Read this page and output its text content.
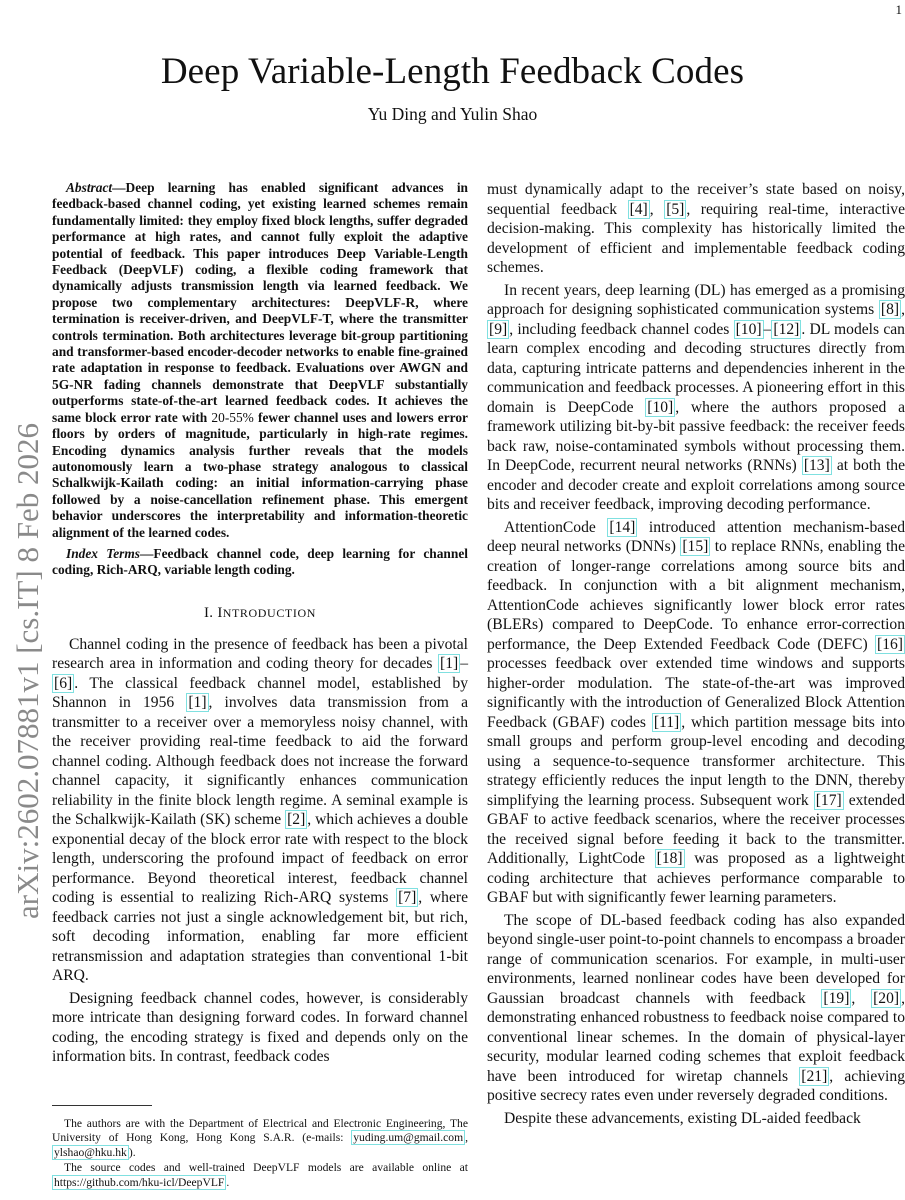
1
arXiv:2602.07881v1 [cs.IT] 8 Feb 2026
Deep Variable-Length Feedback Codes
Yu Ding and Yulin Shao

Abstract—Deep learning has enabled significant advances in feedback-based channel coding, yet existing learned schemes remain fundamentally limited: they employ fixed block lengths, suffer degraded performance at high rates, and cannot fully exploit the adaptive potential of feedback. This paper introduces Deep Variable-Length Feedback (DeepVLF) coding, a flexible coding framework that dynamically adjusts transmission length via learned feedback. We propose two complementary architectures: DeepVLF-R, where termination is receiver-driven, and DeepVLF-T, where the transmitter controls termination. Both architectures leverage bit-group partitioning and transformer-based encoder-decoder networks to enable fine-grained rate adaptation in response to feedback. Evaluations over AWGN and 5G-NR fading channels demonstrate that DeepVLF substantially outperforms state-of-the-art learned feedback codes. It achieves the same block error rate with 20-55% fewer channel uses and lowers error floors by orders of magnitude, particularly in high-rate regimes. Encoding dynamics analysis further reveals that the models autonomously learn a two-phase strategy analogous to classical Schalkwijk-Kailath coding: an initial information-carrying phase followed by a noise-cancellation refinement phase. This emergent behavior underscores the interpretability and information-theoretic alignment of the learned codes.

Index Terms—Feedback channel code, deep learning for channel coding, Rich-ARQ, variable length coding.

I. INTRODUCTION

Channel coding in the presence of feedback has been a pivotal research area in information and coding theory for decades [1] –[6] . The classical feedback channel model, established by Shannon in 1956 [1] , involves data transmission from a transmitter to a receiver over a memoryless noisy channel, with the receiver providing real-time feedback to aid the forward channel coding. Although feedback does not increase the forward channel capacity, it significantly enhances communication reliability in the finite block length regime. A seminal example is the Schalkwijk-Kailath (SK) scheme [2] , which achieves a double exponential decay of the block error rate with respect to the block length, underscoring the profound impact of feedback on error performance. Beyond theoretical interest, feedback channel coding is essential to realizing Rich-ARQ systems [7] , where feedback carries not just a single acknowledgement bit, but rich, soft decoding information, enabling far more efficient retransmission and adaptation strategies than conventional 1-bit ARQ.

Designing feedback channel codes, however, is considerably more intricate than designing forward codes. In forward channel coding, the encoding strategy is fixed and depends only on the information bits. In contrast, feedback codes

The authors are with the Department of Electrical and Electronic Engineering, The University of Hong Kong, Hong Kong S.A.R. (e-mails: yuding.um@gmail.com , ylshao@hku.hk ).

The source codes and well-trained DeepVLF models are available online at https://github.com/hku-icl/DeepVLF .

must dynamically adapt to the receiver’s state based on noisy, sequential feedback [4] , [5] , requiring real-time, interactive decision-making. This complexity has historically limited the development of efficient and implementable feedback coding schemes.

In recent years, deep learning (DL) has emerged as a promising approach for designing sophisticated communication systems [8] , [9] , including feedback channel codes [10] – [12] . DL models can learn complex encoding and decoding structures directly from data, capturing intricate patterns and dependencies inherent in the communication and feedback processes. A pioneering effort in this domain is DeepCode [10] , where the authors proposed a framework utilizing bit-by-bit passive feedback: the receiver feeds back raw, noise-contaminated symbols without processing them. In DeepCode, recurrent neural networks (RNNs) [13] at both the encoder and decoder create and exploit correlations among source bits and receiver feedback, improving decoding performance.

AttentionCode [14] introduced attention mechanism-based deep neural networks (DNNs) [15] to replace RNNs, enabling the creation of longer-range correlations among source bits and feedback. In conjunction with a bit alignment mechanism, AttentionCode achieves significantly lower block error rates (BLERs) compared to DeepCode. To enhance error-correction performance, the Deep Extended Feedback Code (DEFC) [16] processes feedback over extended time windows and supports higher-order modulation. The state-of-the-art was improved significantly with the introduction of Generalized Block Attention Feedback (GBAF) codes [11] , which partition message bits into small groups and perform group-level encoding and decoding using a sequence-to-sequence transformer architecture. This strategy efficiently reduces the input length to the DNN, thereby simplifying the learning process. Subsequent work [17] extended GBAF to active feedback scenarios, where the receiver processes the received signal before feeding it back to the transmitter. Additionally, LightCode [18] was proposed as a lightweight coding architecture that achieves performance comparable to GBAF but with significantly fewer learning parameters.

The scope of DL-based feedback coding has also expanded beyond single-user point-to-point channels to encompass a broader range of communication scenarios. For example, in multi-user environments, learned nonlinear codes have been developed for Gaussian broadcast channels with feedback [19] , [20] , demonstrating enhanced robustness to feedback noise compared to conventional linear schemes. In the domain of physical-layer security, modular learned coding schemes that exploit feedback have been introduced for wiretap channels [21] , achieving positive secrecy rates even under reversely degraded conditions.

Despite these advancements, existing DL-aided feedback
